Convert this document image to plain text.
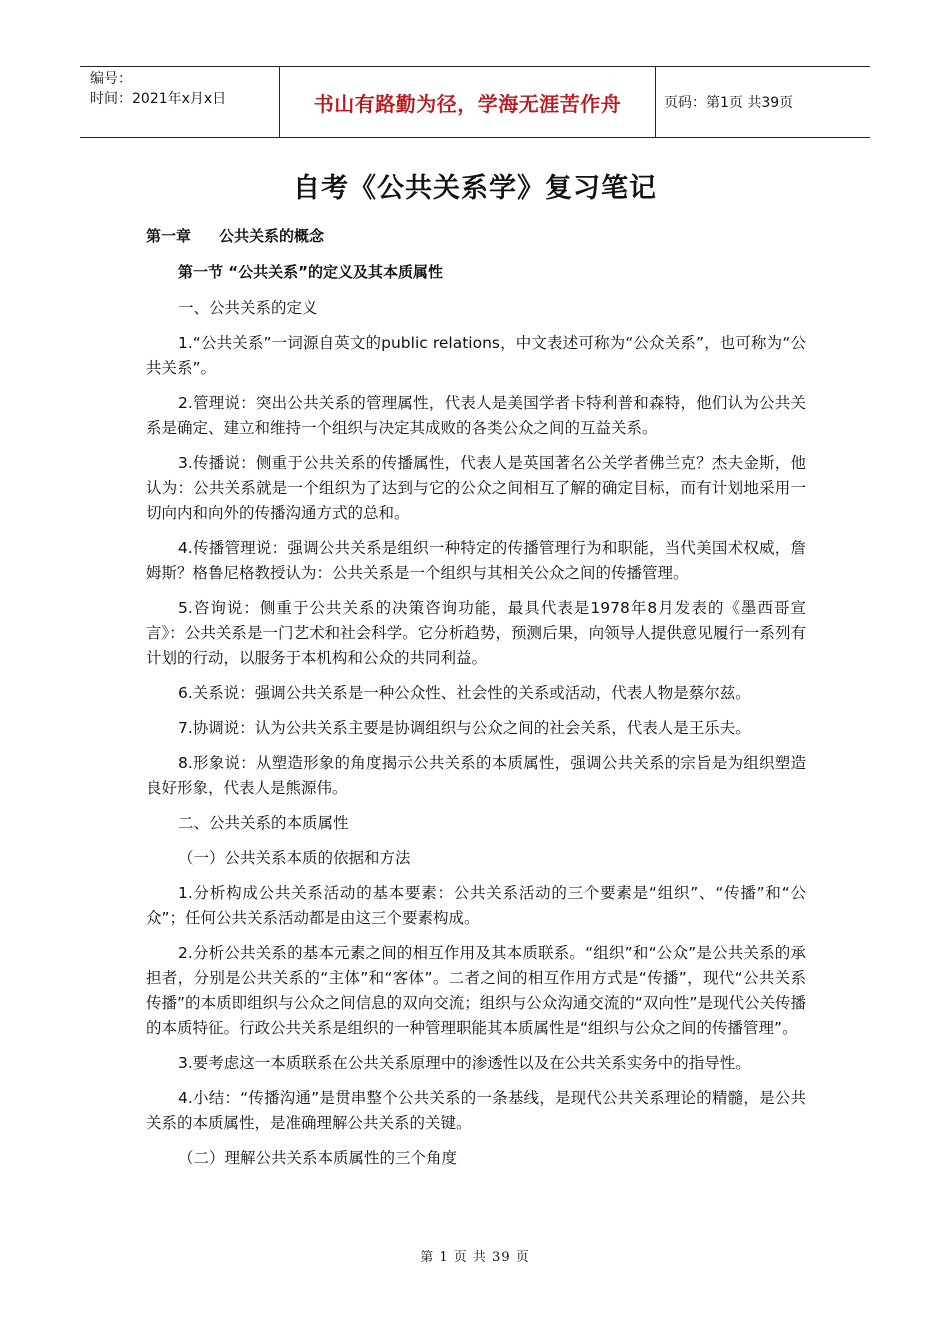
编号：
时间：2021年x月x日	书山有路勤为径，学海无涯苦作舟	页码：第1页 共39页
自考《公共关系学》复习笔记

第一章 公共关系的概念

第一节 “公共关系”的定义及其本质属性

一、公共关系的定义

1.“公共关系”一词源自英文的public relations，中文表述可称为“公众关系”，也可称为“公共关系”。

2.管理说：突出公共关系的管理属性，代表人是美国学者卡特利普和森特，他们认为公共关系是确定、建立和维持一个组织与决定其成败的各类公众之间的互益关系。

3.传播说：侧重于公共关系的传播属性，代表人是英国著名公关学者佛兰克？杰夫金斯，他认为：公共关系就是一个组织为了达到与它的公众之间相互了解的确定目标，而有计划地采用一切向内和向外的传播沟通方式的总和。

4.传播管理说：强调公共关系是组织一种特定的传播管理行为和职能，当代美国术权威，詹姆斯？格鲁尼格教授认为：公共关系是一个组织与其相关公众之间的传播管理。

5.咨询说：侧重于公共关系的决策咨询功能，最具代表是1978年8月发表的《墨西哥宣言》：公共关系是一门艺术和社会科学。它分析趋势，预测后果，向领导人提供意见履行一系列有计划的行动，以服务于本机构和公众的共同利益。

6.关系说：强调公共关系是一种公众性、社会性的关系或活动，代表人物是蔡尔兹。

7.协调说：认为公共关系主要是协调组织与公众之间的社会关系，代表人是王乐夫。

8.形象说：从塑造形象的角度揭示公共关系的本质属性，强调公共关系的宗旨是为组织塑造良好形象，代表人是熊源伟。

二、公共关系的本质属性

（一）公共关系本质的依据和方法

1.分析构成公共关系活动的基本要素：公共关系活动的三个要素是“组织”、“传播”和“公众”；任何公共关系活动都是由这三个要素构成。

2.分析公共关系的基本元素之间的相互作用及其本质联系。“组织”和“公众”是公共关系的承担者，分别是公共关系的“主体”和“客体”。二者之间的相互作用方式是“传播”，现代“公共关系传播”的本质即组织与公众之间信息的双向交流；组织与公众沟通交流的“双向性”是现代公关传播的本质特征。行政公共关系是组织的一种管理职能其本质属性是“组织与公众之间的传播管理”。

3.要考虑这一本质联系在公共关系原理中的渗透性以及在公共关系实务中的指导性。

4.小结：“传播沟通”是贯串整个公共关系的一条基线，是现代公共关系理论的精髓，是公共关系的本质属性，是准确理解公共关系的关键。

（二）理解公共关系本质属性的三个角度

第 1 页 共 39 页
